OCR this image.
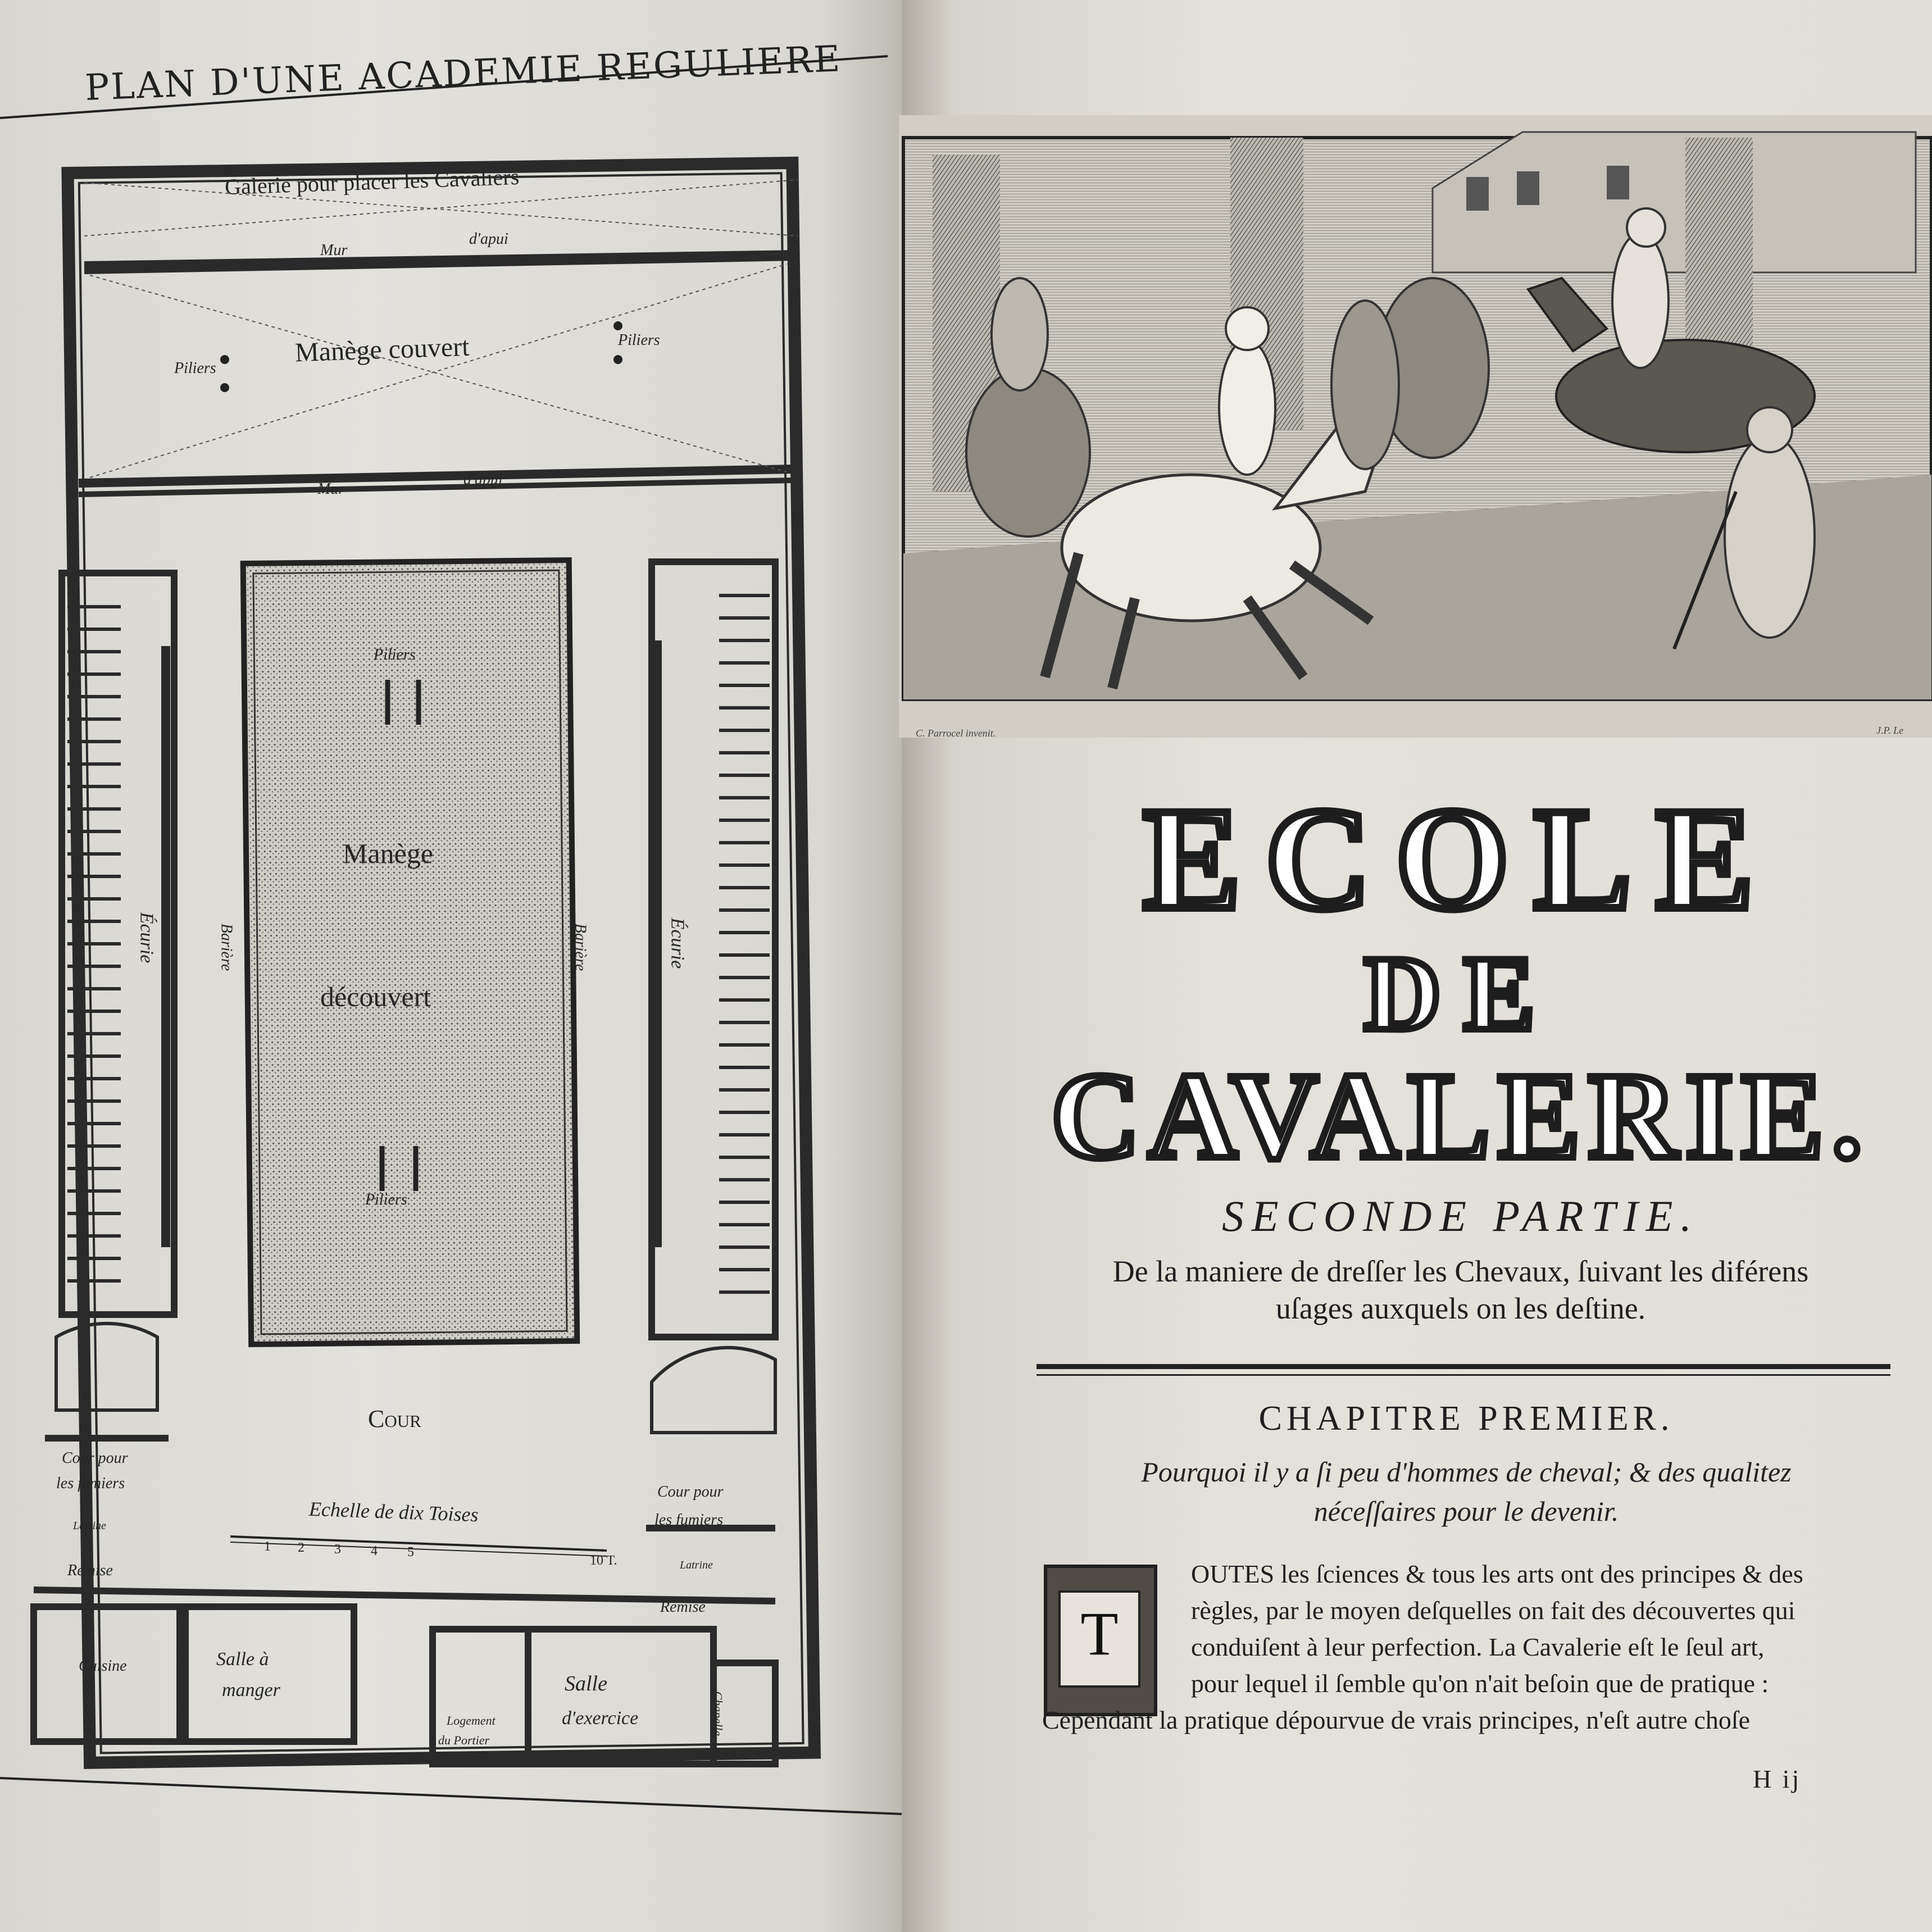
PLAN D'UNE ACADEMIE REGULIERE
Galerie pour placer les Cavaliers
Mur
d'apui
Manège couvert
Piliers
Piliers
Mur
d'apui
Piliers
Manège
découvert
Piliers
Barière	Barière
Écurie	Écurie
Cour
Cour pour
les fumiers
Latrine	Echelle de dix Toises
1 2 3 4 5
10 T.
Cour pour
les fumiers
Latrine
Remise
Remise
Cuisine	Salle à
manger
Logement
du Portier
Salle
d'exercice	Chapelle.
C. Parrocel invenit.	J.P. Le
ECOLE
DE
CAVALERIE.
SECONDE PARTIE.
De la maniere de dreſſer les Chevaux, ſuivant les diférens
uſages auxquels on les deſtine.
CHAPITRE PREMIER.
Pourquoi il y a ſi peu d'hommes de cheval; & des qualitez
néceſſaires pour le devenir.
T
OUTES les ſciences & tous les arts ont des principes & des
règles, par le moyen deſquelles on fait des découvertes qui
conduiſent à leur perfection. La Cavalerie eſt le ſeul art,
pour lequel il ſemble qu'on n'ait beſoin que de pratique :
Cependant la pratique dépourvue de vrais principes, n'eſt autre choſe
H ij
